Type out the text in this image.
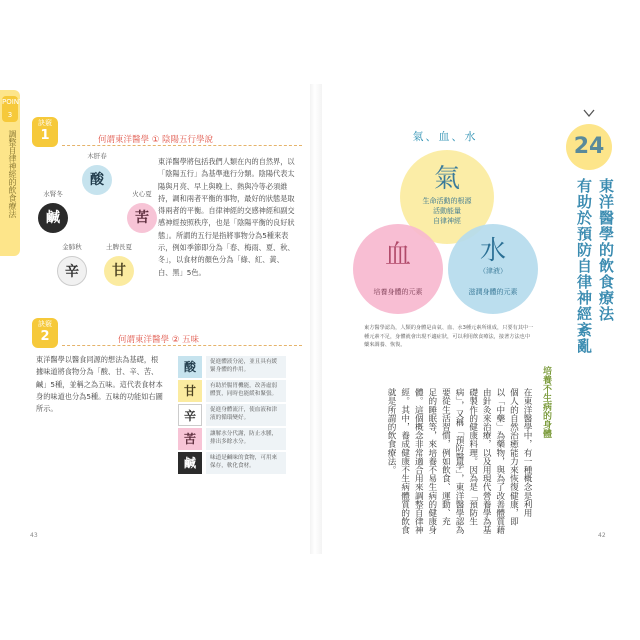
POINT 3
調整自律神經的飲食療法
訣竅
1	何謂東洋醫學 ① 陰陽五行學說
木肝春
酸
火心夏
苦
土脾長夏
甘
金肺秋
辛
水腎冬
鹹
東洋醫學將包括我們人類在內的自然界，以「陰陽五行」為基準進行分類。陰陽代表太陽與月亮、早上與晚上、熱與冷等必須維持，調和兩者平衡的事物，最好的狀態是取得兩者的平衡。自律神經的交感神經和副交感神經按照秩序，也是「陰陽平衡的良好狀態」。所謂的五行是指將事物分為5種來表示，例如季節即分為「春、梅雨、夏、秋、冬」，以食材的顏色分為「綠、紅、黃、白、黑」5色。
訣竅
2	何謂東洋醫學 ② 五味
東洋醫學以醫食同源的想法為基礎，根據味道將食物分為「酸、甘、辛、苦、鹹」5種，並稱之為五味。這代表食材本身的味道也分為5種。五味的功能如右圖所示。
酸	促進體液分泌，並且具有緩緊身體的作用。
甘	有助於腸胃機能，改善虛弱體質，同時也能緩和緊張。
辛	促進身體流汗，使血液和津液的循環變好。
苦	讓解水分代謝，防止水腫，排出多餘水分。
鹹	味道是鹹味的食物，可用來保存，軟化食材。
43
氣、血、水
氣
生命活動的根源
活動能量
自律神經
血
培養身體的元素
水
（津液）
滋潤身體的元素
東方醫學認為，人類的身體是由氣、血、水3種元素所組成，只要有其中一種元素不足，身體就會出現不適症狀，可以利用飲食療法，接著方法也中藥來調養、恢復。
在東洋醫學中，有一種概念是利用
個人的自然治癒能力來恢復健康，即
以「中藥」為藥物，與為了改善體質藉
由針灸來治療，以及用現代營養學為基
礎製作的健康料理。因為是「預防生
病」，又稱「預防醫學」，東洋醫學認為
要從生活習慣，例如飲食、運動、充
足的睡眠等，來培養不易生病的健康身
體。這個概念非常適合用來調整自律神
經。其中，養成健康不生病體質的飲食
就是所謂的飲食療法。	培養不生病的身體
24
東洋醫學的飲食療法
有助於預防自律神經紊亂
42
